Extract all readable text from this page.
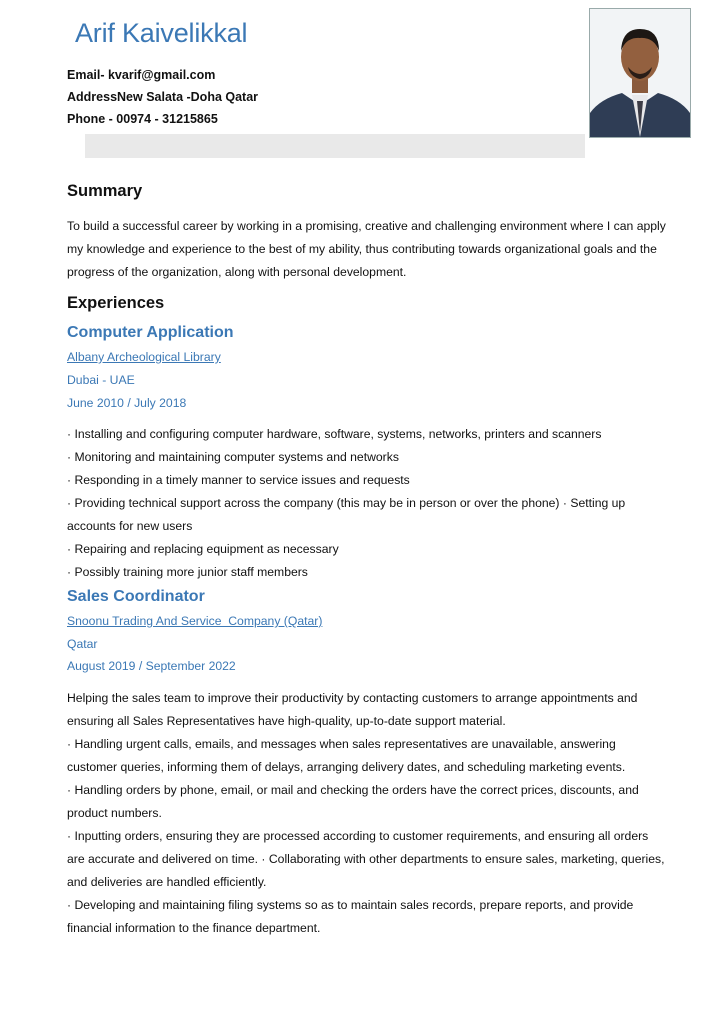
Arif Kaivelikkal
Email- kvarif@gmail.com
AddressNew Salata -Doha Qatar
Phone - 00974 - 31215865
Summary
To build a successful career by working in a promising, creative and challenging environment where I can apply my knowledge and experience to the best of my ability, thus contributing towards organizational goals and the progress of the organization, along with personal development.
Experiences
Computer Application
Albany Archeological Library
Dubai - UAE
June 2010 / July 2018
· Installing and configuring computer hardware, software, systems, networks, printers and scanners
· Monitoring and maintaining computer systems and networks
· Responding in a timely manner to service issues and requests
· Providing technical support across the company (this may be in person or over the phone) · Setting up accounts for new users
· Repairing and replacing equipment as necessary
· Possibly training more junior staff members
Sales Coordinator
Snoonu Trading And Service  Company (Qatar)
Qatar
August 2019 / September 2022
Helping the sales team to improve their productivity by contacting customers to arrange appointments and ensuring all Sales Representatives have high-quality, up-to-date support material.
· Handling urgent calls, emails, and messages when sales representatives are unavailable, answering customer queries, informing them of delays, arranging delivery dates, and scheduling marketing events.
· Handling orders by phone, email, or mail and checking the orders have the correct prices, discounts, and product numbers.
· Inputting orders, ensuring they are processed according to customer requirements, and ensuring all orders are accurate and delivered on time. · Collaborating with other departments to ensure sales, marketing, queries, and deliveries are handled efficiently.
· Developing and maintaining filing systems so as to maintain sales records, prepare reports, and provide financial information to the finance department.
